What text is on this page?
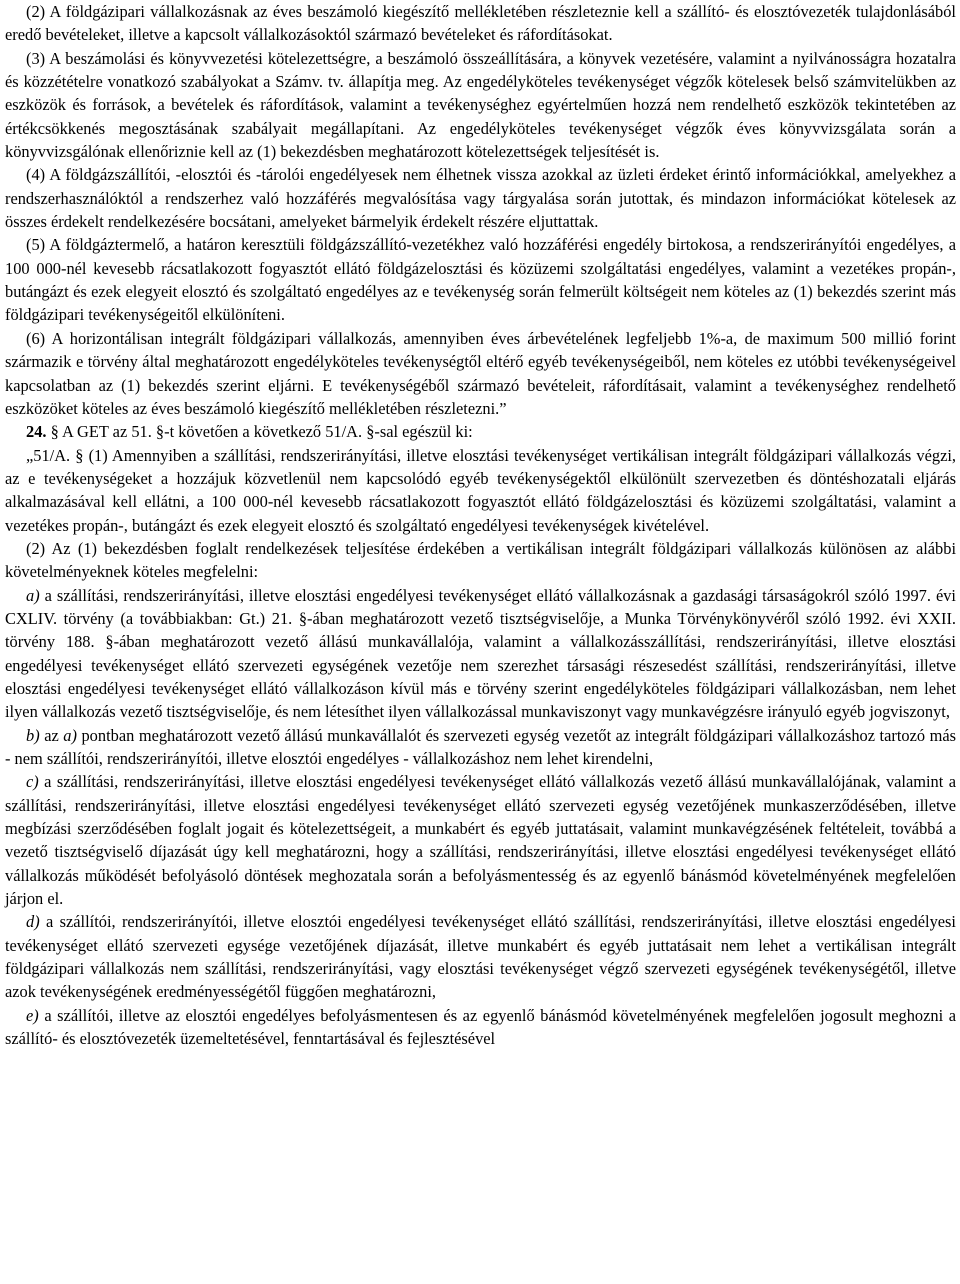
(2) A földgázipari vállalkozásnak az éves beszámoló kiegészítő mellékletében részleteznie kell a szállító- és elosztóvezeték tulajdonlásából eredő bevételeket, illetve a kapcsolt vállalkozásoktól származó bevételeket és ráfordításokat.

(3) A beszámolási és könyvvezetési kötelezettségre, a beszámoló összeállítására, a könyvek vezetésére, valamint a nyilvánosságra hozatalra és közzétételre vonatkozó szabályokat a Számv. tv. állapítja meg. Az engedélyköteles tevékenységet végzők kötelesek belső számvitelükben az eszközök és források, a bevételek és ráfordítások, valamint a tevékenységhez egyértelműen hozzá nem rendelhető eszközök tekintetében az értékcsökkenés megosztásának szabályait megállapítani. Az engedélyköteles tevékenységet végzők éves könyvvizsgálata során a könyvvizsgálónak ellenőriznie kell az (1) bekezdésben meghatározott kötelezettségek teljesítését is.

(4) A földgázszállítói, -elosztói és -tárolói engedélyesek nem élhetnek vissza azokkal az üzleti érdeket érintő információkkal, amelyekhez a rendszerhasználóktól a rendszerhez való hozzáférés megvalósítása vagy tárgyalása során jutottak, és mindazon információkat kötelesek az összes érdekelt rendelkezésére bocsátani, amelyeket bármelyik érdekelt részére eljuttattak.

(5) A földgáztermelő, a határon keresztüli földgázszállító-vezetékhez való hozzáférési engedély birtokosa, a rendszerirányítói engedélyes, a 100 000-nél kevesebb rácsatlakozott fogyasztót ellátó földgázelosztási és közüzemi szolgáltatási engedélyes, valamint a vezetékes propán-, butángázt és ezek elegyeit elosztó és szolgáltató engedélyes az e tevékenység során felmerült költségeit nem köteles az (1) bekezdés szerint más földgázipari tevékenységeitől elkülöníteni.

(6) A horizontálisan integrált földgázipari vállalkozás, amennyiben éves árbevételének legfeljebb 1%-a, de maximum 500 millió forint származik e törvény által meghatározott engedélyköteles tevékenységtől eltérő egyéb tevékenységeiből, nem köteles ez utóbbi tevékenységeivel kapcsolatban az (1) bekezdés szerint eljárni. E tevékenységéből származó bevételeit, ráfordításait, valamint a tevékenységhez rendelhető eszközöket köteles az éves beszámoló kiegészítő mellékletében részletezni.”

24. § A GET az 51. §-t követően a következő 51/A. §-sal egészül ki:

„51/A. § (1) Amennyiben a szállítási, rendszerirányítási, illetve elosztási tevékenységet vertikálisan integrált földgázipari vállalkozás végzi, az e tevékenységeket a hozzájuk közvetlenül nem kapcsolódó egyéb tevékenységektől elkülönült szervezetben és döntéshozatali eljárás alkalmazásával kell ellátni, a 100 000-nél kevesebb rácsatlakozott fogyasztót ellátó földgázelosztási és közüzemi szolgáltatási, valamint a vezetékes propán-, butángázt és ezek elegyeit elosztó és szolgáltató engedélyesi tevékenységek kivételével.

(2) Az (1) bekezdésben foglalt rendelkezések teljesítése érdekében a vertikálisan integrált földgázipari vállalkozás különösen az alábbi követelményeknek köteles megfelelni:

a) a szállítási, rendszerirányítási, illetve elosztási engedélyesi tevékenységet ellátó vállalkozásnak a gazdasági társaságokról szóló 1997. évi CXLIV. törvény (a továbbiakban: Gt.) 21. §-ában meghatározott vezető tisztségviselője, a Munka Törvénykönyvéről szóló 1992. évi XXII. törvény 188. §-ában meghatározott vezető állású munkavállalója, valamint a vállalkozásszállítási, rendszerirányítási, illetve elosztási engedélyesi tevékenységet ellátó szervezeti egységének vezetője nem szerezhet társasági részesedést szállítási, rendszerirányítási, illetve elosztási engedélyesi tevékenységet ellátó vállalkozáson kívül más e törvény szerint engedélyköteles földgázipari vállalkozásban, nem lehet ilyen vállalkozás vezető tisztségviselője, és nem létesíthet ilyen vállalkozással munkaviszonyt vagy munkavégzésre irányuló egyéb jogviszonyt,

b) az a) pontban meghatározott vezető állású munkavállalót és szervezeti egység vezetőt az integrált földgázipari vállalkozáshoz tartozó más - nem szállítói, rendszerirányítói, illetve elosztói engedélyes - vállalkozáshoz nem lehet kirendelni,

c) a szállítási, rendszerirányítási, illetve elosztási engedélyesi tevékenységet ellátó vállalkozás vezető állású munkavállalójának, valamint a szállítási, rendszerirányítási, illetve elosztási engedélyesi tevékenységet ellátó szervezeti egység vezetőjének munkaszerződésében, illetve megbízási szerződésében foglalt jogait és kötelezettségeit, a munkabért és egyéb juttatásait, valamint munkavégzésének feltételeit, továbbá a vezető tisztségviselő díjazását úgy kell meghatározni, hogy a szállítási, rendszerirányítási, illetve elosztási engedélyesi tevékenységet ellátó vállalkozás működését befolyásoló döntések meghozatala során a befolyásmentesség és az egyenlő bánásmód követelményének megfelelően járjon el.

d) a szállítói, rendszerirányítói, illetve elosztói engedélyesi tevékenységet ellátó szállítási, rendszerirányítási, illetve elosztási engedélyesi tevékenységet ellátó szervezeti egysége vezetőjének díjazását, illetve munkabért és egyéb juttatásait nem lehet a vertikálisan integrált földgázipari vállalkozás nem szállítási, rendszerirányítási, vagy elosztási tevékenységet végző szervezeti egységének tevékenységétől, illetve azok tevékenységének eredményességétől függően meghatározni,

e) a szállítói, illetve az elosztói engedélyes befolyásmentesen és az egyenlő bánásmód követelményének megfelelően jogosult meghozni a szállító- és elosztóvezeték üzemeltetésével, fenntartásával és fejlesztésével
